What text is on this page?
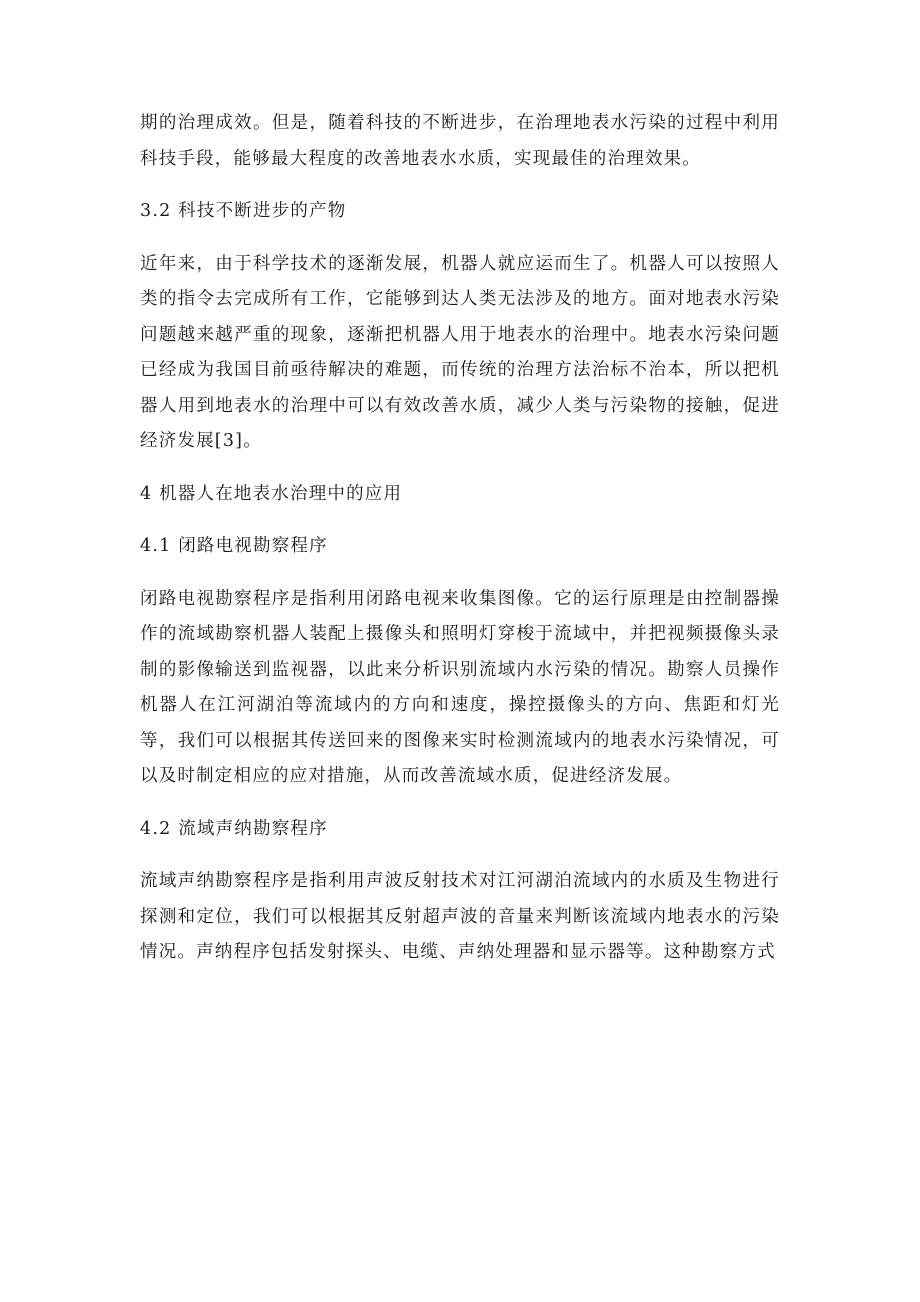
期的治理成效。但是，随着科技的不断进步，在治理地表水污染的过程中利用科技手段，能够最大程度的改善地表水水质，实现最佳的治理效果。

3.2 科技不断进步的产物

近年来，由于科学技术的逐渐发展，机器人就应运而生了。机器人可以按照人类的指令去完成所有工作，它能够到达人类无法涉及的地方。面对地表水污染问题越来越严重的现象，逐渐把机器人用于地表水的治理中。地表水污染问题已经成为我国目前亟待解决的难题，而传统的治理方法治标不治本，所以把机器人用到地表水的治理中可以有效改善水质，减少人类与污染物的接触，促进经济发展[3]。

4 机器人在地表水治理中的应用

4.1 闭路电视勘察程序

闭路电视勘察程序是指利用闭路电视来收集图像。它的运行原理是由控制器操作的流域勘察机器人装配上摄像头和照明灯穿梭于流域中，并把视频摄像头录制的影像输送到监视器，以此来分析识别流域内水污染的情况。勘察人员操作机器人在江河湖泊等流域内的方向和速度，操控摄像头的方向、焦距和灯光等，我们可以根据其传送回来的图像来实时检测流域内的地表水污染情况，可以及时制定相应的应对措施，从而改善流域水质，促进经济发展。

4.2 流域声纳勘察程序

流域声纳勘察程序是指利用声波反射技术对江河湖泊流域内的水质及生物进行探测和定位，我们可以根据其反射超声波的音量来判断该流域内地表水的污染情况。声纳程序包括发射探头、电缆、声纳处理器和显示器等。这种勘察方式
